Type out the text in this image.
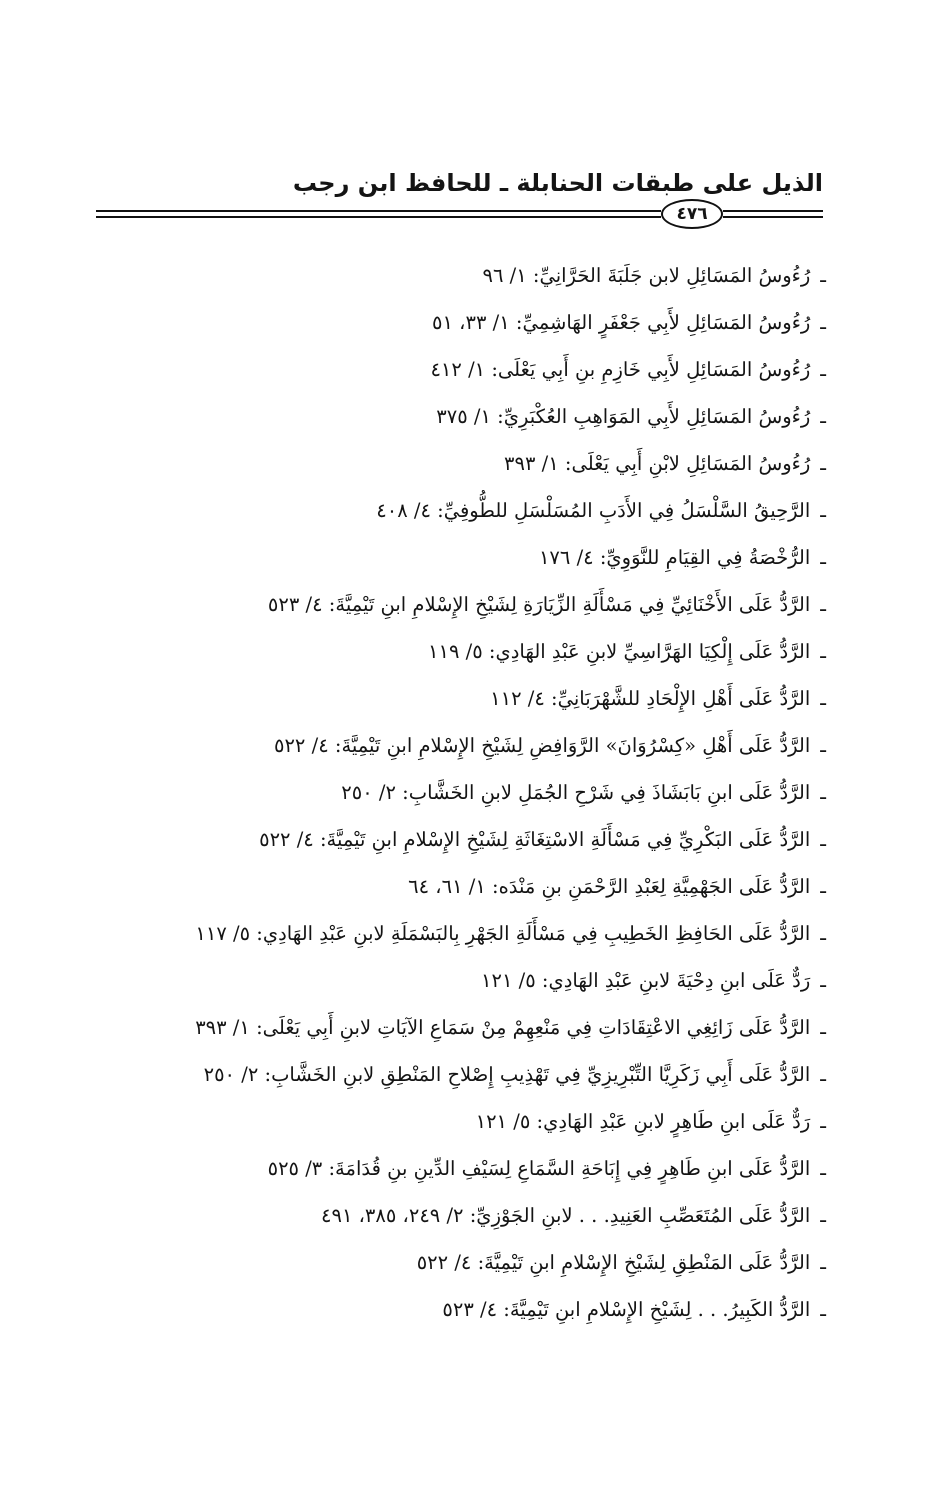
الذيل على طبقات الحنابلة ـ للحافظ ابن رجب
٤٧٦
ـرُءُوسُ المَسَائِلِ لابن جَلَبَةَ الحَرَّانِيِّ: ١/ ٩٦
ـرُءُوسُ المَسَائِلِ لأَبِي جَعْفَرٍ الهَاشِمِيِّ: ١/ ٣٣، ٥١
ـرُءُوسُ المَسَائِلِ لأَبِي خَازِمِ بنِ أَبِي يَعْلَى: ١/ ٤١٢
ـرُءُوسُ المَسَائِلِ لأَبِي المَوَاهِبِ العُكْبَرِيِّ: ١/ ٣٧٥
ـرُءُوسُ المَسَائِلِ لابْنِ أَبِي يَعْلَى: ١/ ٣٩٣
ـالرَّحِيقُ السَّلْسَلُ فِي الأَدَبِ المُسَلْسَلِ للطُّوفِيِّ: ٤/ ٤٠٨
ـالرُّخْصَةُ فِي القِيَامِ للنَّوَوِيِّ: ٤/ ١٧٦
ـالرَّدُّ عَلَى الأَخْنَائِيِّ فِي مَسْأَلَةِ الزِّيَارَةِ لِشَيْخِ الإِسْلامِ ابنِ تَيْمِيَّةَ: ٤/ ٥٢٣
ـالرَّدُّ عَلَى إِلْكِيَا الهَرَّاسِيِّ لابنِ عَبْدِ الهَادِي: ٥/ ١١٩
ـالرَّدُّ عَلَى أَهْلِ الإِلْحَادِ للشَّهْرَبَانِيِّ: ٤/ ١١٢
ـالرَّدُّ عَلَى أَهْلِ «كِسْرُوَانَ» الرَّوَافِضِ لِشَيْخِ الإِسْلامِ ابنِ تَيْمِيَّةَ: ٤/ ٥٢٢
ـالرَّدُّ عَلَى ابنِ بَابَشَاذَ فِي شَرْحِ الجُمَلِ لابنِ الخَشَّابِ: ٢/ ٢٥٠
ـالرَّدُّ عَلَى البَكْرِيِّ فِي مَسْأَلَةِ الاسْتِغَاثَةِ لِشَيْخِ الإِسْلامِ ابنِ تَيْمِيَّةَ: ٤/ ٥٢٢
ـالرَّدُّ عَلَى الجَهْمِيَّةِ لِعَبْدِ الرَّحْمَنِ بنِ مَنْدَه: ١/ ٦١، ٦٤
ـالرَّدُّ عَلَى الحَافِظِ الخَطِيبِ فِي مَسْأَلَةِ الجَهْرِ بِالبَسْمَلَةِ لابنِ عَبْدِ الهَادِي: ٥/ ١١٧
ـرَدٌّ عَلَى ابنِ دِحْيَةَ لابنِ عَبْدِ الهَادِي: ٥/ ١٢١
ـالرَّدُّ عَلَى زَائِغِي الاعْتِقَادَاتِ فِي مَنْعِهِمْ مِنْ سَمَاعِ الآيَاتِ لابنِ أَبِي يَعْلَى: ١/ ٣٩٣
ـالرَّدُّ عَلَى أَبِي زَكَرِيَّا التِّبْرِيزِيِّ فِي تَهْذِيبِ إِصْلاحِ المَنْطِقِ لابنِ الخَشَّابِ: ٢/ ٢٥٠
ـرَدٌّ عَلَى ابنِ طَاهِرٍ لابنِ عَبْدِ الهَادِي: ٥/ ١٢١
ـالرَّدُّ عَلَى ابنِ طَاهِرٍ فِي إِبَاحَةِ السَّمَاعِ لِسَيْفِ الدِّينِ بنِ قُدَامَةَ: ٣/ ٥٢٥
ـالرَّدُّ عَلَى المُتَعَصِّبِ العَنِيدِ. . . لابنِ الجَوْزِيِّ: ٢/ ٢٤٩، ٣٨٥، ٤٩١
ـالرَّدُّ عَلَى المَنْطِقِ لِشَيْخِ الإِسْلامِ ابنِ تَيْمِيَّةَ: ٤/ ٥٢٢
ـالرَّدُّ الكَبِيرُ. . . لِشَيْخِ الإِسْلامِ ابنِ تَيْمِيَّةَ: ٤/ ٥٢٣
